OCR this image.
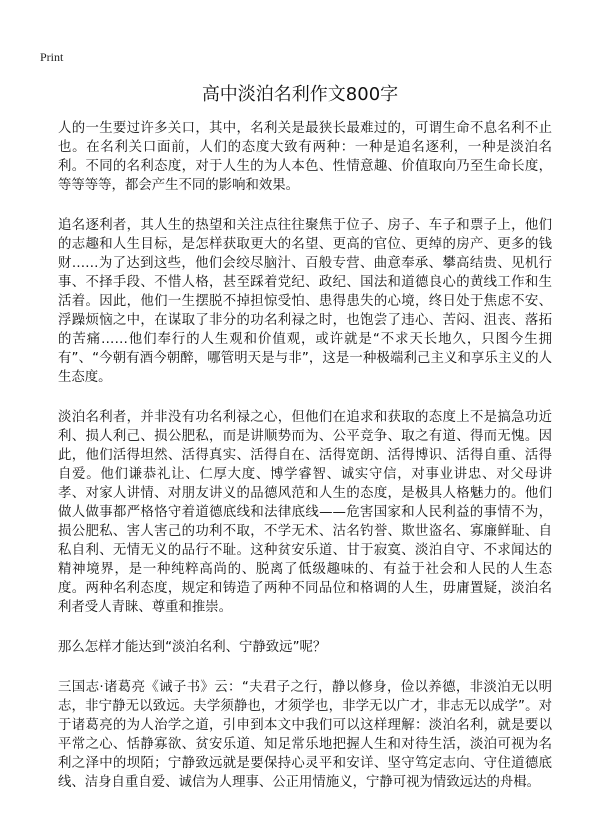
Print
高中淡泊名利作文800字

人的一生要过许多关口，其中，名利关是最狭长最难过的，可谓生命不息名利不止也。在名利关口面前，人们的态度大致有两种：一种是追名逐利，一种是淡泊名利。不同的名利态度，对于人生的为人本色、性情意趣、价值取向乃至生命长度，等等等等，都会产生不同的影响和效果。

追名逐利者，其人生的热望和关注点往往聚焦于位子、房子、车子和票子上，他们的志趣和人生目标，是怎样获取更大的名望、更高的官位、更绰的房产、更多的钱财……为了达到这些，他们会绞尽脑汁、百般专营、曲意奉承、攀高结贵、见机行事、不择手段、不惜人格，甚至踩着党纪、政纪、国法和道德良心的黄线工作和生活着。因此，他们一生摆脱不掉担惊受怕、患得患失的心境，终日处于焦虑不安、浮躁烦恼之中，在谋取了非分的功名利禄之时，也饱尝了违心、苦闷、沮丧、落拓的苦痛……他们奉行的人生观和价值观，或许就是“不求天长地久，只图今生拥有”、“今朝有酒今朝醉，哪管明天是与非”，这是一种极端利己主义和享乐主义的人生态度。

淡泊名利者，并非没有功名利禄之心，但他们在追求和获取的态度上不是搞急功近利、损人利己、损公肥私，而是讲顺势而为、公平竞争、取之有道、得而无愧。因此，他们活得坦然、活得真实、活得自在、活得宽朗、活得博识、活得自重、活得自爱。他们谦恭礼让、仁厚大度、博学睿智、诚实守信，对事业讲忠、对父母讲孝、对家人讲情、对朋友讲义的品德风范和人生的态度，是极具人格魅力的。他们做人做事都严格恪守着道德底线和法律底线——危害国家和人民利益的事情不为，损公肥私、害人害己的功利不取，不学无术、沽名钓誉、欺世盗名、寡廉鲜耻、自私自利、无情无义的品行不耻。这种贫安乐道、甘于寂寞、淡泊自守、不求闻达的精神境界，是一种纯粹高尚的、脱离了低级趣味的、有益于社会和人民的人生态度。两种名利态度，规定和铸造了两种不同品位和格调的人生，毋庸置疑，淡泊名利者受人青睐、尊重和推崇。

那么怎样才能达到“淡泊名利、宁静致远”呢？

三国志·诸葛亮《诫子书》云：“夫君子之行，静以修身，俭以养德，非淡泊无以明志，非宁静无以致远。夫学须静也，才须学也，非学无以广才，非志无以成学”。对于诸葛亮的为人治学之道，引申到本文中我们可以这样理解：淡泊名利，就是要以平常之心、恬静寡欲、贫安乐道、知足常乐地把握人生和对待生活，淡泊可视为名利之泽中的坝陌；宁静致远就是要保持心灵平和安详、坚守笃定志向、守住道德底线、洁身自重自爱、诚信为人理事、公正用情施义，宁静可视为情致远达的舟楫。
